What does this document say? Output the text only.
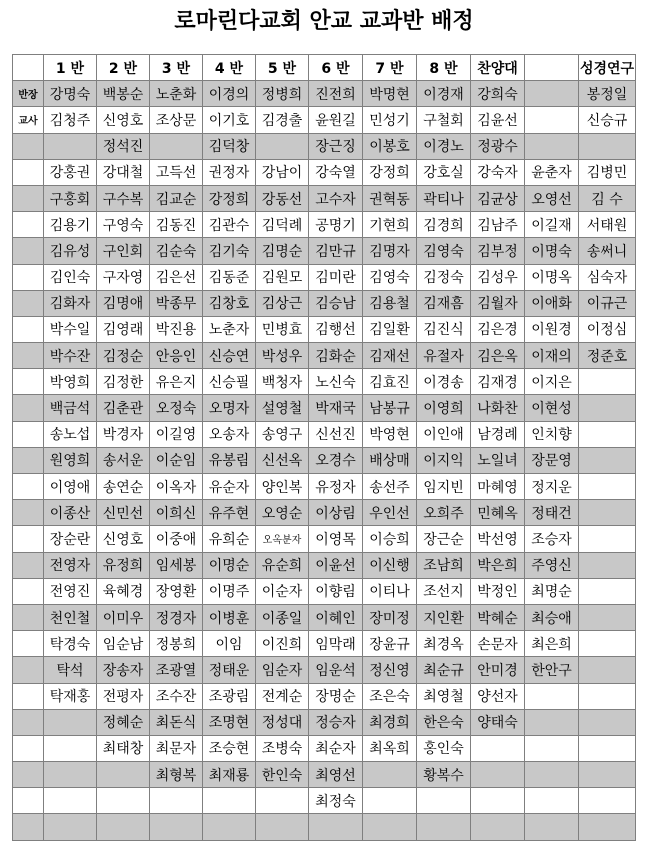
로마린다교회 안교 교과반 배정
	1 반	2 반	3 반	4 반	5 반	6 반	7 반	8 반	찬양대		성경연구
반장	강명숙	백봉순	노춘화	이경의	정병희	진전희	박명현	이경재	강희숙		봉정일
교사	김청주	신영호	조상문	이기호	김경출	윤원길	민성기	구철회	김윤선		신승규
		정석진		김덕창		장근징	이봉호	이경노	정광수		
	강홍권	강대철	고득선	권정자	강남이	강숙열	강정희	강호실	강숙자	윤춘자	김병민
	구홍회	구수복	김교순	강정희	강동선	고수자	권혁동	곽티나	김균상	오영선	김 수
	김용기	구영숙	김동진	김관수	김덕례	공명기	기현희	김경희	김남주	이길재	서태원
	김유성	구인회	김순숙	김기숙	김명순	김만규	김명자	김영숙	김부정	이명숙	송써니
	김인숙	구자영	김은선	김동준	김원모	김미란	김영숙	김정숙	김성우	이명옥	심숙자
	김화자	김명애	박종무	김창호	김상근	김승남	김용철	김재흠	김월자	이애화	이규근
	박수일	김영래	박진용	노춘자	민병효	김행선	김일환	김진식	김은경	이원경	이정심
	박수잔	김정순	안응인	신승연	박성우	김화순	김재선	유절자	김은옥	이재의	정준호
	박영희	김정한	유은지	신승필	백청자	노신숙	김효진	이경송	김재경	이지은	
	백금석	김춘관	오정숙	오명자	설영철	박재국	남봉규	이영희	나화찬	이현성	
	송노섭	박경자	이길영	오송자	송영구	신선진	박영현	이인애	남경례	인치향	
	원영희	송서운	이순임	유봉림	신선옥	오경수	배상매	이지익	노일녀	장문영	
	이영애	송연순	이옥자	유순자	양인복	유정자	송선주	임지빈	마혜영	정지운	
	이종산	신민선	이희신	유주현	오영순	이상림	우인선	오희주	민혜옥	정태건	
	장순란	신영호	이중애	유희순	오옥분자	이영목	이승희	장근순	박선영	조승자	
	전영자	유정희	임세봉	이명순	유순희	이윤선	이신행	조남희	박은희	주영신	
	전영진	육혜경	장영환	이명주	이순자	이향림	이티나	조선지	박정인	최명순	
	천인철	이미우	정경자	이병훈	이종일	이혜인	장미정	지인환	박혜순	최승애	
	탁경숙	임순남	정봉희	이임	이진희	임막래	장윤규	최경옥	손문자	최은희	
	탁석	장송자	조광열	정태운	임순자	임운석	정신영	최순규	안미경	한안구	
	탁재홍	전평자	조수잔	조광림	전계순	장명순	조은숙	최영철	양선자		
		정혜순	최돈식	조명현	정성대	정승자	최경희	한은숙	양태숙		
		최태창	최문자	조승현	조병숙	최순자	최옥희	홍인숙			
			최형복	최재룡	한인숙	최영선		황복수			
						최정숙					
